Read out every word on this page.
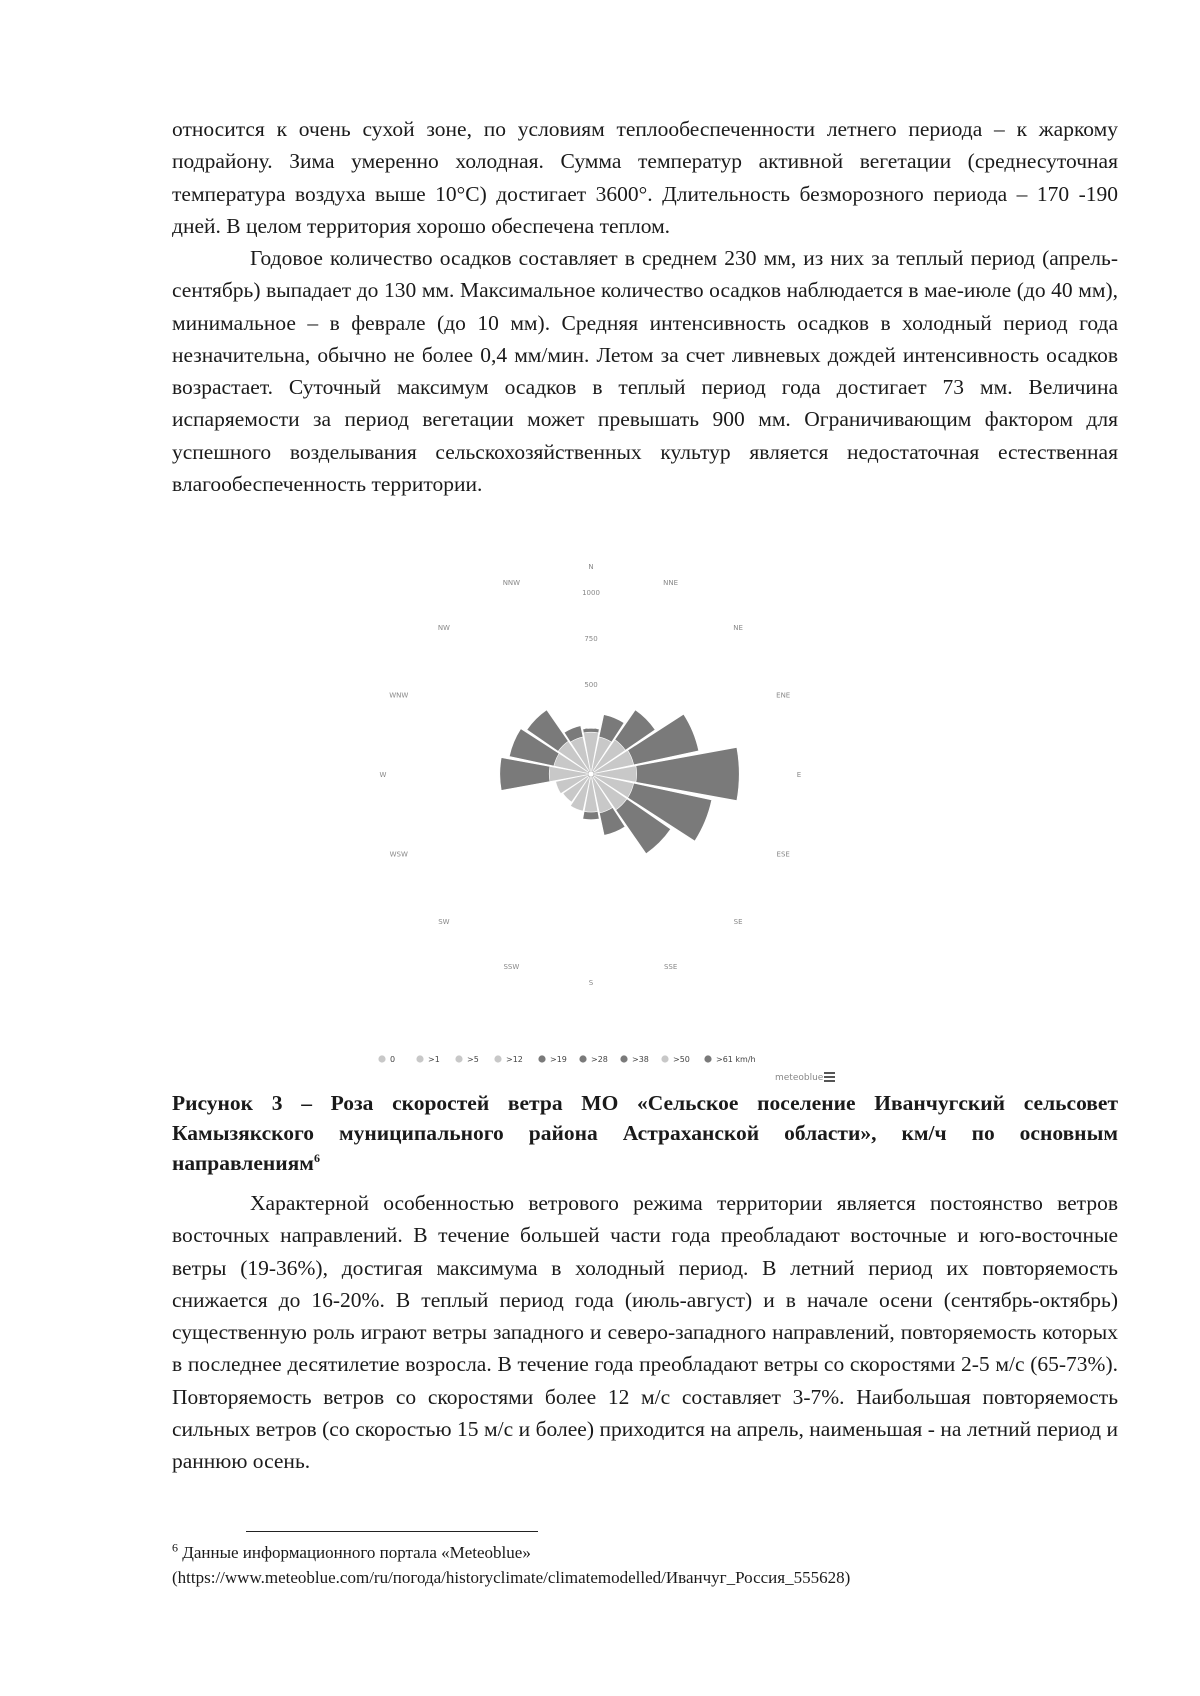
относится к очень сухой зоне, по условиям теплообеспеченности летнего периода – к жаркому подрайону. Зима умеренно холодная. Сумма температур активной вегетации (среднесуточная температура воздуха выше 10°С) достигает 3600°. Длительность безморозного периода – 170 -190 дней. В целом территория хорошо обеспечена теплом.

Годовое количество осадков составляет в среднем 230 мм, из них за теплый период (апрель-сентябрь) выпадает до 130 мм. Максимальное количество осадков наблюдается в мае-июле (до 40 мм), минимальное – в феврале (до 10 мм). Средняя интенсивность осадков в холодный период года незначительна, обычно не более 0,4 мм/мин. Летом за счет ливневых дождей интенсивность осадков возрастает. Суточный максимум осадков в теплый период года достигает 73 мм. Величина испаряемости за период вегетации может превышать 900 мм. Ограничивающим фактором для успешного возделывания сельскохозяйственных культур является недостаточная естественная влагообеспеченность территории.

500
750
1000
N
NNE
NE
ENE
E
ESE
SE
SSE
S
SSW
SW
WSW
W
WNW
NW
NNW
0	>1	>5	>12	>19	>28	>38	>50	>61 km/h
meteoblue
Рисунок 3 – Роза скоростей ветра МО «Сельское поселение Иванчугский сельсовет Камызякского муниципального района Астраханской области», км/ч по основным направлениям$^6$

Характерной особенностью ветрового режима территории является постоянство ветров восточных направлений. В течение большей части года преобладают восточные и юго-восточные ветры (19-36%), достигая максимума в холодный период. В летний период их повторяемость снижается до 16-20%. В теплый период года (июль-август) и в начале осени (сентябрь-октябрь) существенную роль играют ветры западного и северо-западного направлений, повторяемость которых в последнее десятилетие возросла. В течение года преобладают ветры со скоростями 2-5 м/с (65-73%). Повторяемость ветров со скоростями более 12 м/с составляет 3-7%. Наибольшая повторяемость сильных ветров (со скоростью 15 м/с и более) приходится на апрель, наименьшая - на летний период и раннюю осень.

$^6$ Данные информационного портала «Meteoblue»
(https://www.meteoblue.com/ru/погода/historyclimate/climatemodelled/Иванчуг_Россия_555628)
